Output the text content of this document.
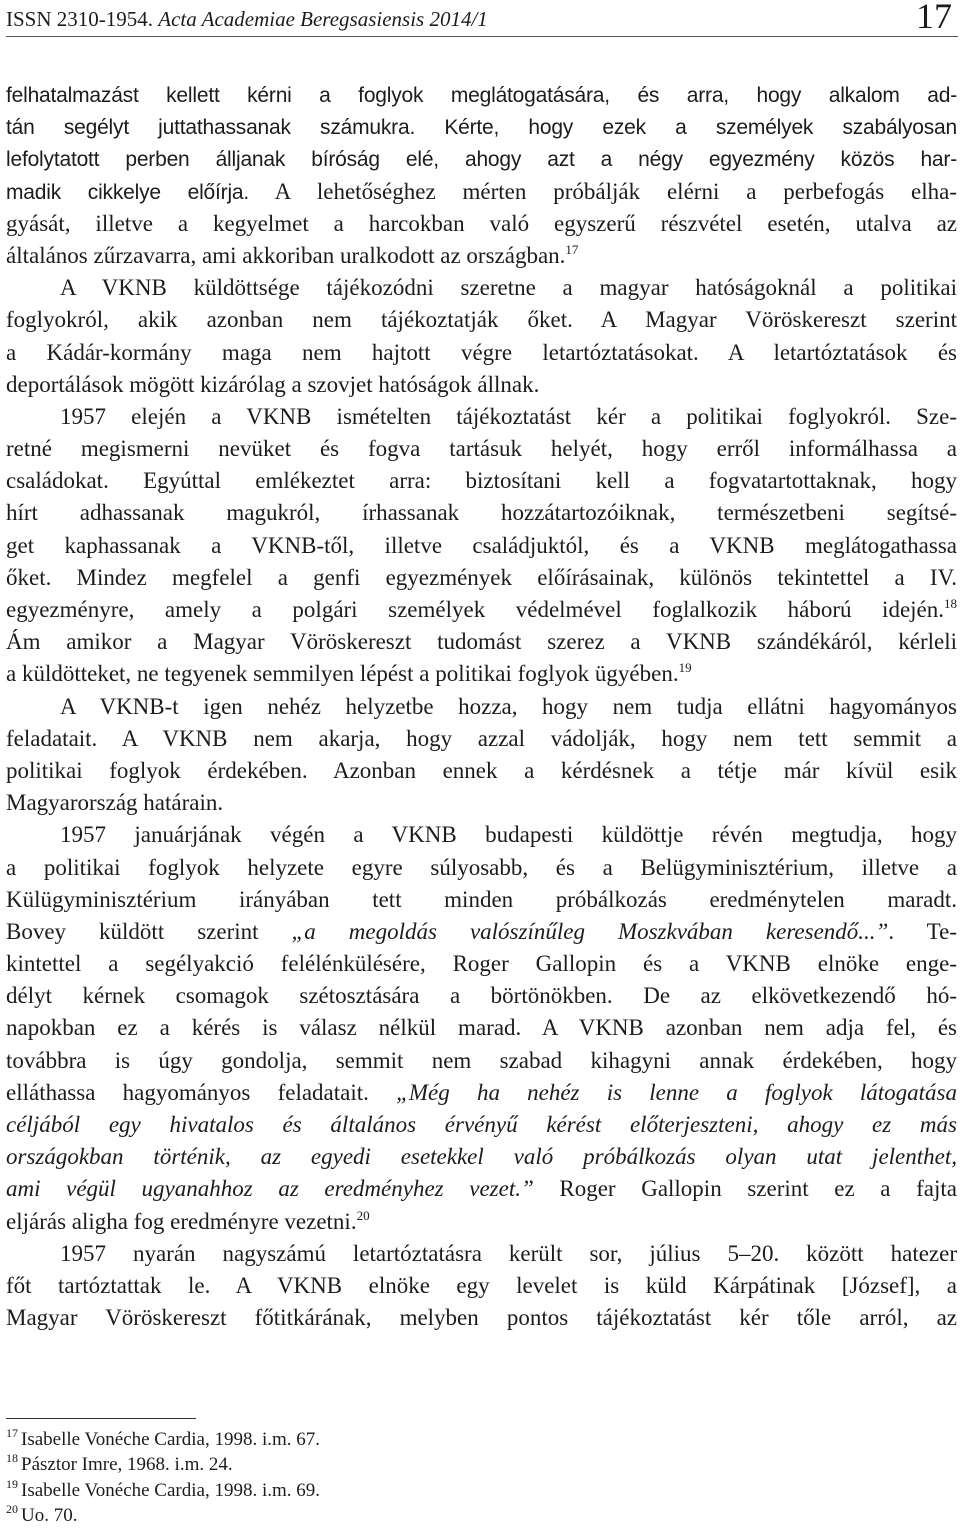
ISSN 2310-1954. Acta Academiae Beregsasiensis 2014/1	17
felhatalmazást kellett kérni a foglyok meglátogatására, és arra, hogy alkalom ad-
tán segélyt juttathassanak számukra. Kérte, hogy ezek a személyek szabályosan
lefolytatott perben álljanak bíróság elé, ahogy azt a négy egyezmény közös har-
madik cikkelye előírja. A lehetőséghez mérten próbálják elérni a perbefogás elha-
gyását, illetve a kegyelmet a harcokban való egyszerű részvétel esetén, utalva az
általános zűrzavarra, ami akkoriban uralkodott az országban.$^{17}$
A VKNB küldöttsége tájékozódni szeretne a magyar hatóságoknál a politikai
foglyokról, akik azonban nem tájékoztatják őket. A Magyar Vöröskereszt szerint
a Kádár-kormány maga nem hajtott végre letartóztatásokat. A letartóztatások és
deportálások mögött kizárólag a szovjet hatóságok állnak.
1957 elején a VKNB ismételten tájékoztatást kér a politikai foglyokról. Sze-
retné megismerni nevüket és fogva tartásuk helyét, hogy erről informálhassa a
családokat. Egyúttal emlékeztet arra: biztosítani kell a fogvatartottaknak, hogy
hírt adhassanak magukról, írhassanak hozzátartozóiknak, természetbeni segítsé-
get kaphassanak a VKNB-től, illetve családjuktól, és a VKNB meglátogathassa
őket. Mindez megfelel a genfi egyezmények előírásainak, különös tekintettel a IV.
egyezményre, amely a polgári személyek védelmével foglalkozik háború idején.$^{18}$
Ám amikor a Magyar Vöröskereszt tudomást szerez a VKNB szándékáról, kérleli
a küldötteket, ne tegyenek semmilyen lépést a politikai foglyok ügyében.$^{19}$
A VKNB-t igen nehéz helyzetbe hozza, hogy nem tudja ellátni hagyományos
feladatait. A VKNB nem akarja, hogy azzal vádolják, hogy nem tett semmit a
politikai foglyok érdekében. Azonban ennek a kérdésnek a tétje már kívül esik
Magyarország határain.
1957 januárjának végén a VKNB budapesti küldöttje révén megtudja, hogy
a politikai foglyok helyzete egyre súlyosabb, és a Belügyminisztérium, illetve a
Külügyminisztérium irányában tett minden próbálkozás eredménytelen maradt.
Bovey küldött szerint „a megoldás valószínűleg Moszkvában keresendő...”. Te-
kintettel a segélyakció felélénkülésére, Roger Gallopin és a VKNB elnöke enge-
délyt kérnek csomagok szétosztására a börtönökben. De az elkövetkezendő hó-
napokban ez a kérés is válasz nélkül marad. A VKNB azonban nem adja fel, és
továbbra is úgy gondolja, semmit nem szabad kihagyni annak érdekében, hogy
elláthassa hagyományos feladatait. „Még ha nehéz is lenne a foglyok látogatása
céljából egy hivatalos és általános érvényű kérést előterjeszteni, ahogy ez más
országokban történik, az egyedi esetekkel való próbálkozás olyan utat jelenthet,
ami végül ugyanahhoz az eredményhez vezet.” Roger Gallopin szerint ez a fajta
eljárás aligha fog eredményre vezetni.$^{20}$
1957 nyarán nagyszámú letartóztatásra került sor, július 5–20. között hatezer
főt tartóztattak le. A VKNB elnöke egy levelet is küld Kárpátinak [József], a
Magyar Vöröskereszt főtitkárának, melyben pontos tájékoztatást kér tőle arról, az
$^{17}$ Isabelle Vonéche Cardia, 1998. i.m. 67.
$^{18}$ Pásztor Imre, 1968. i.m. 24.
$^{19}$ Isabelle Vonéche Cardia, 1998. i.m. 69.
$^{20}$ Uo. 70.
